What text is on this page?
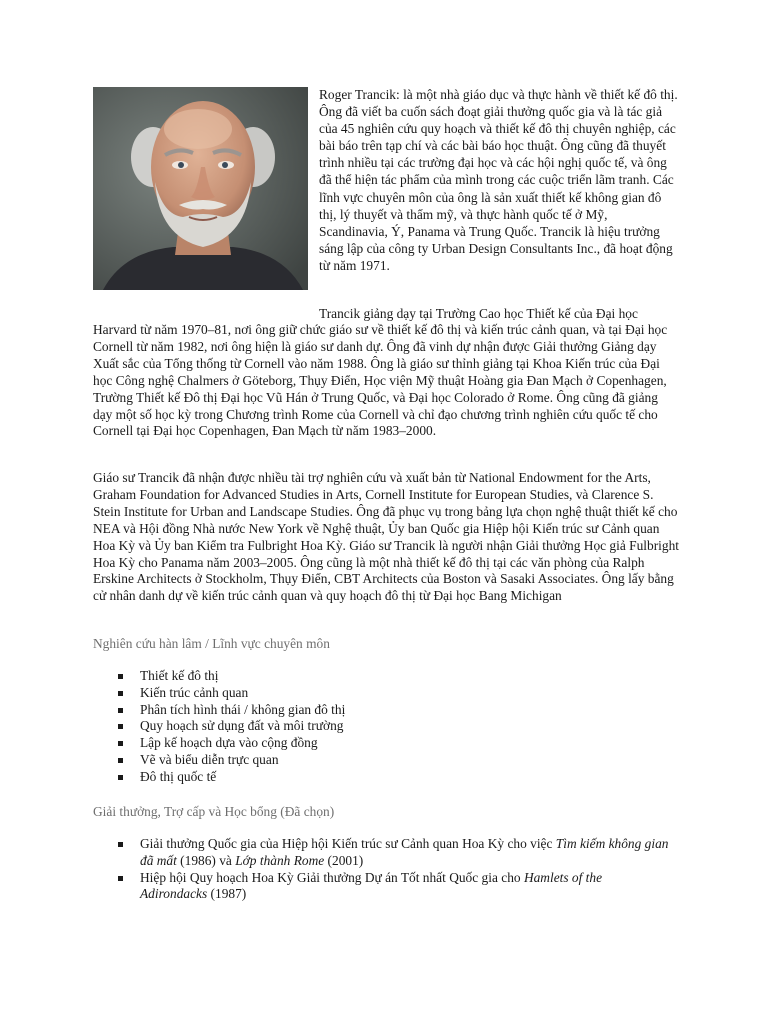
Roger Trancik: là một nhà giáo dục và thực hành về thiết kế đô thị. Ông đã viết ba cuốn sách đoạt giải thưởng quốc gia và là tác giả của 45 nghiên cứu quy hoạch và thiết kế đô thị chuyên nghiệp, các bài báo trên tạp chí và các bài báo học thuật. Ông cũng đã thuyết trình nhiều tại các trường đại học và các hội nghị quốc tế, và ông đã thể hiện tác phẩm của mình trong các cuộc triển lãm tranh. Các lĩnh vực chuyên môn của ông là sản xuất thiết kế không gian đô thị, lý thuyết và thẩm mỹ, và thực hành quốc tế ở Mỹ, Scandinavia, Ý, Panama và Trung Quốc. Trancik là hiệu trưởng sáng lập của công ty Urban Design Consultants Inc., đã hoạt động từ năm 1971.

Trancik giảng dạy tại Trường Cao học Thiết kế của Đại học

Harvard từ năm 1970–81, nơi ông giữ chức giáo sư về thiết kế đô thị và kiến trúc cảnh quan, và tại Đại học Cornell từ năm 1982, nơi ông hiện là giáo sư danh dự. Ông đã vinh dự nhận được Giải thưởng Giảng dạy Xuất sắc của Tổng thống từ Cornell vào năm 1988. Ông là giáo sư thỉnh giảng tại Khoa Kiến trúc của Đại học Công nghệ Chalmers ở Göteborg, Thụy Điển, Học viện Mỹ thuật Hoàng gia Đan Mạch ở Copenhagen, Trường Thiết kế Đô thị Đại học Vũ Hán ở Trung Quốc, và Đại học Colorado ở Rome. Ông cũng đã giảng dạy một số học kỳ trong Chương trình Rome của Cornell và chỉ đạo chương trình nghiên cứu quốc tế cho Cornell tại Đại học Copenhagen, Đan Mạch từ năm 1983–2000.

Giáo sư Trancik đã nhận được nhiều tài trợ nghiên cứu và xuất bản từ National Endowment for the Arts, Graham Foundation for Advanced Studies in Arts, Cornell Institute for European Studies, và Clarence S. Stein Institute for Urban and Landscape Studies. Ông đã phục vụ trong bảng lựa chọn nghệ thuật thiết kế cho NEA và Hội đồng Nhà nước New York về Nghệ thuật, Ủy ban Quốc gia Hiệp hội Kiến trúc sư Cảnh quan Hoa Kỳ và Ủy ban Kiểm tra Fulbright Hoa Kỳ. Giáo sư Trancik là người nhận Giải thưởng Học giả Fulbright Hoa Kỳ cho Panama năm 2003–2005. Ông cũng là một nhà thiết kế đô thị tại các văn phòng của Ralph Erskine Architects ở Stockholm, Thụy Điển, CBT Architects của Boston và Sasaki Associates. Ông lấy bằng cử nhân danh dự về kiến trúc cảnh quan và quy hoạch đô thị từ Đại học Bang Michigan

Nghiên cứu hàn lâm / Lĩnh vực chuyên môn

Thiết kế đô thị
Kiến trúc cảnh quan
Phân tích hình thái / không gian đô thị
Quy hoạch sử dụng đất và môi trường
Lập kế hoạch dựa vào cộng đồng
Vẽ và biểu diễn trực quan
Đô thị quốc tế

Giải thưởng, Trợ cấp và Học bổng (Đã chọn)

Giải thưởng Quốc gia của Hiệp hội Kiến trúc sư Cảnh quan Hoa Kỳ cho việc Tìm kiếm không gian đã mất (1986) và Lớp thành Rome (2001)
Hiệp hội Quy hoạch Hoa Kỳ Giải thưởng Dự án Tốt nhất Quốc gia cho Hamlets of the Adirondacks (1987)
